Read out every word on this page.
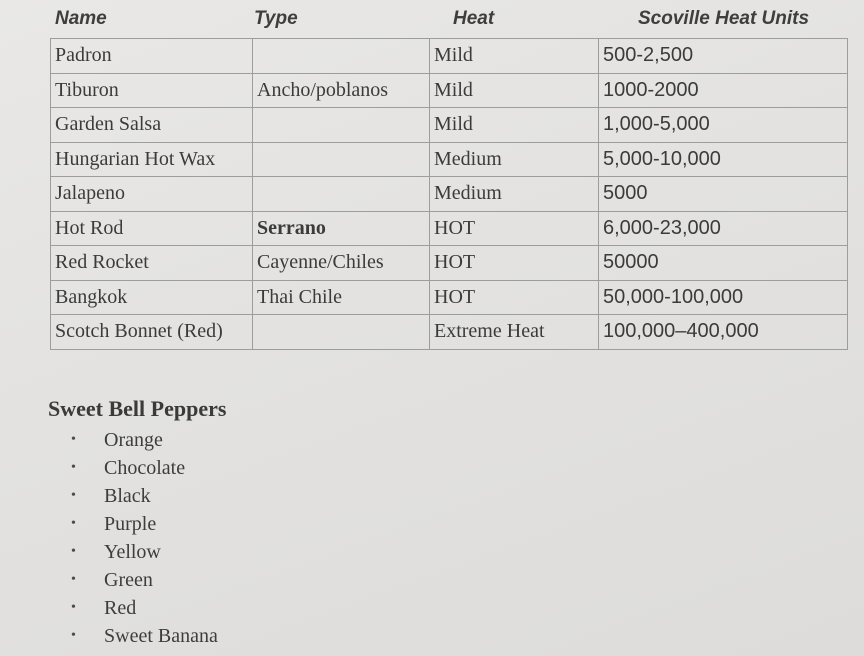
Name	Type	Heat	Scoville Heat Units
Padron		Mild	500-2,500
Tiburon	Ancho/poblanos	Mild	1000-2000
Garden Salsa		Mild	1,000-5,000
Hungarian Hot Wax		Medium	5,000-10,000
Jalapeno		Medium	5000
Hot Rod	Serrano	HOT	6,000-23,000
Red Rocket	Cayenne/Chiles	HOT	50000
Bangkok	Thai Chile	HOT	50,000-100,000
Scotch Bonnet (Red)		Extreme Heat	100,000–400,000
Sweet Bell Peppers
• Orange
• Chocolate
• Black
• Purple
• Yellow
• Green
• Red
• Sweet Banana
